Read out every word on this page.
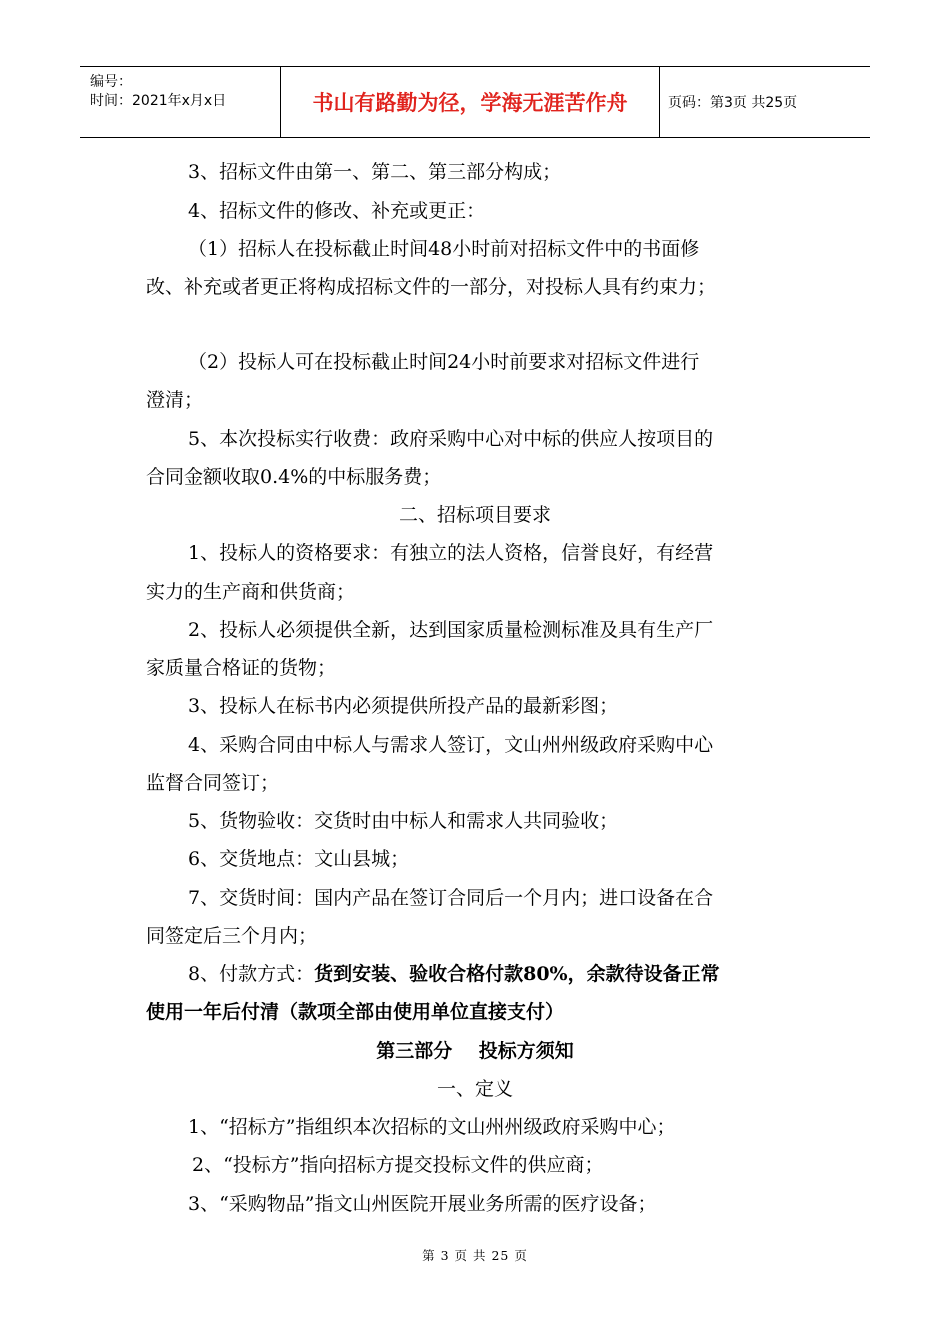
编号：
时间：2021年x月x日	书山有路勤为径，学海无涯苦作舟	页码：第3页 共25页
3、招标文件由第一、第二、第三部分构成；
4、招标文件的修改、补充或更正：
（1）招标人在投标截止时间48小时前对招标文件中的书面修
改、补充或者更正将构成招标文件的一部分，对投标人具有约束力；
（2）投标人可在投标截止时间24小时前要求对招标文件进行
澄清；
5、本次投标实行收费：政府采购中心对中标的供应人按项目的
合同金额收取0.4%的中标服务费；
二、招标项目要求
1、投标人的资格要求：有独立的法人资格，信誉良好，有经营
实力的生产商和供货商；
2、投标人必须提供全新，达到国家质量检测标准及具有生产厂
家质量合格证的货物；
3、投标人在标书内必须提供所投产品的最新彩图；
4、采购合同由中标人与需求人签订，文山州州级政府采购中心
监督合同签订；
5、货物验收：交货时由中标人和需求人共同验收；
6、交货地点：文山县城；
7、交货时间：国内产品在签订合同后一个月内；进口设备在合
同签定后三个月内；
8、付款方式：货到安装、验收合格付款80%，余款待设备正常
使用一年后付清（款项全部由使用单位直接支付）
第三部分    投标方须知
一、定义
1、“招标方”指组织本次招标的文山州州级政府采购中心；
2、“投标方”指向招标方提交投标文件的供应商；
3、“采购物品”指文山州医院开展业务所需的医疗设备；
第 3 页 共 25 页
